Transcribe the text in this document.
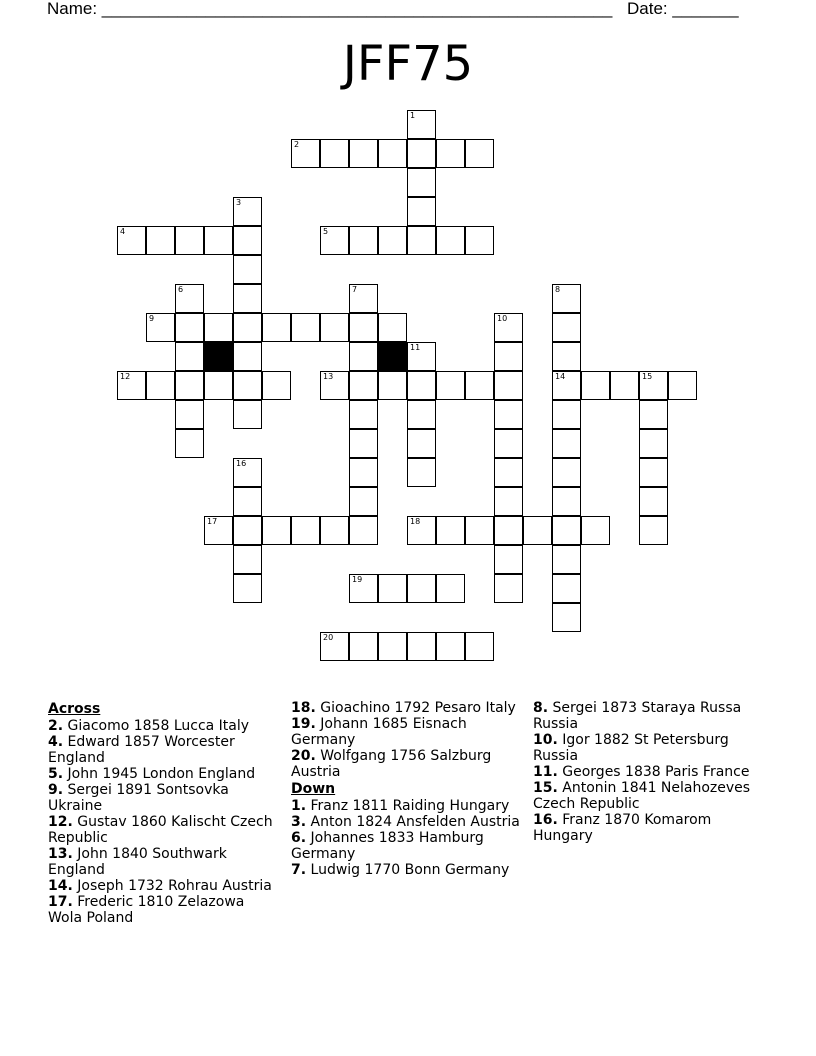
Name: ______________________________________________________ Date: _______
JFF75
1
2
3
4	5
6	7	8
9	10
11
12	13	14	15
16
17	18
19
20
Across
2. Giacomo 1858 Lucca Italy
4. Edward 1857 Worcester England
5. John 1945 London England
9. Sergei 1891 Sontsovka Ukraine
12. Gustav 1860 Kalischt Czech Republic
13. John 1840 Southwark England
14. Joseph 1732 Rohrau Austria
17. Frederic 1810 Zelazowa Wola Poland
18. Gioachino 1792 Pesaro Italy
19. Johann 1685 Eisnach Germany
20. Wolfgang 1756 Salzburg Austria
Down
1. Franz 1811 Raiding Hungary
3. Anton 1824 Ansfelden Austria
6. Johannes 1833 Hamburg Germany
7. Ludwig 1770 Bonn Germany
8. Sergei 1873 Staraya Russa Russia
10. Igor 1882 St Petersburg Russia
11. Georges 1838 Paris France
15. Antonin 1841 Nelahozeves Czech Republic
16. Franz 1870 Komarom Hungary
